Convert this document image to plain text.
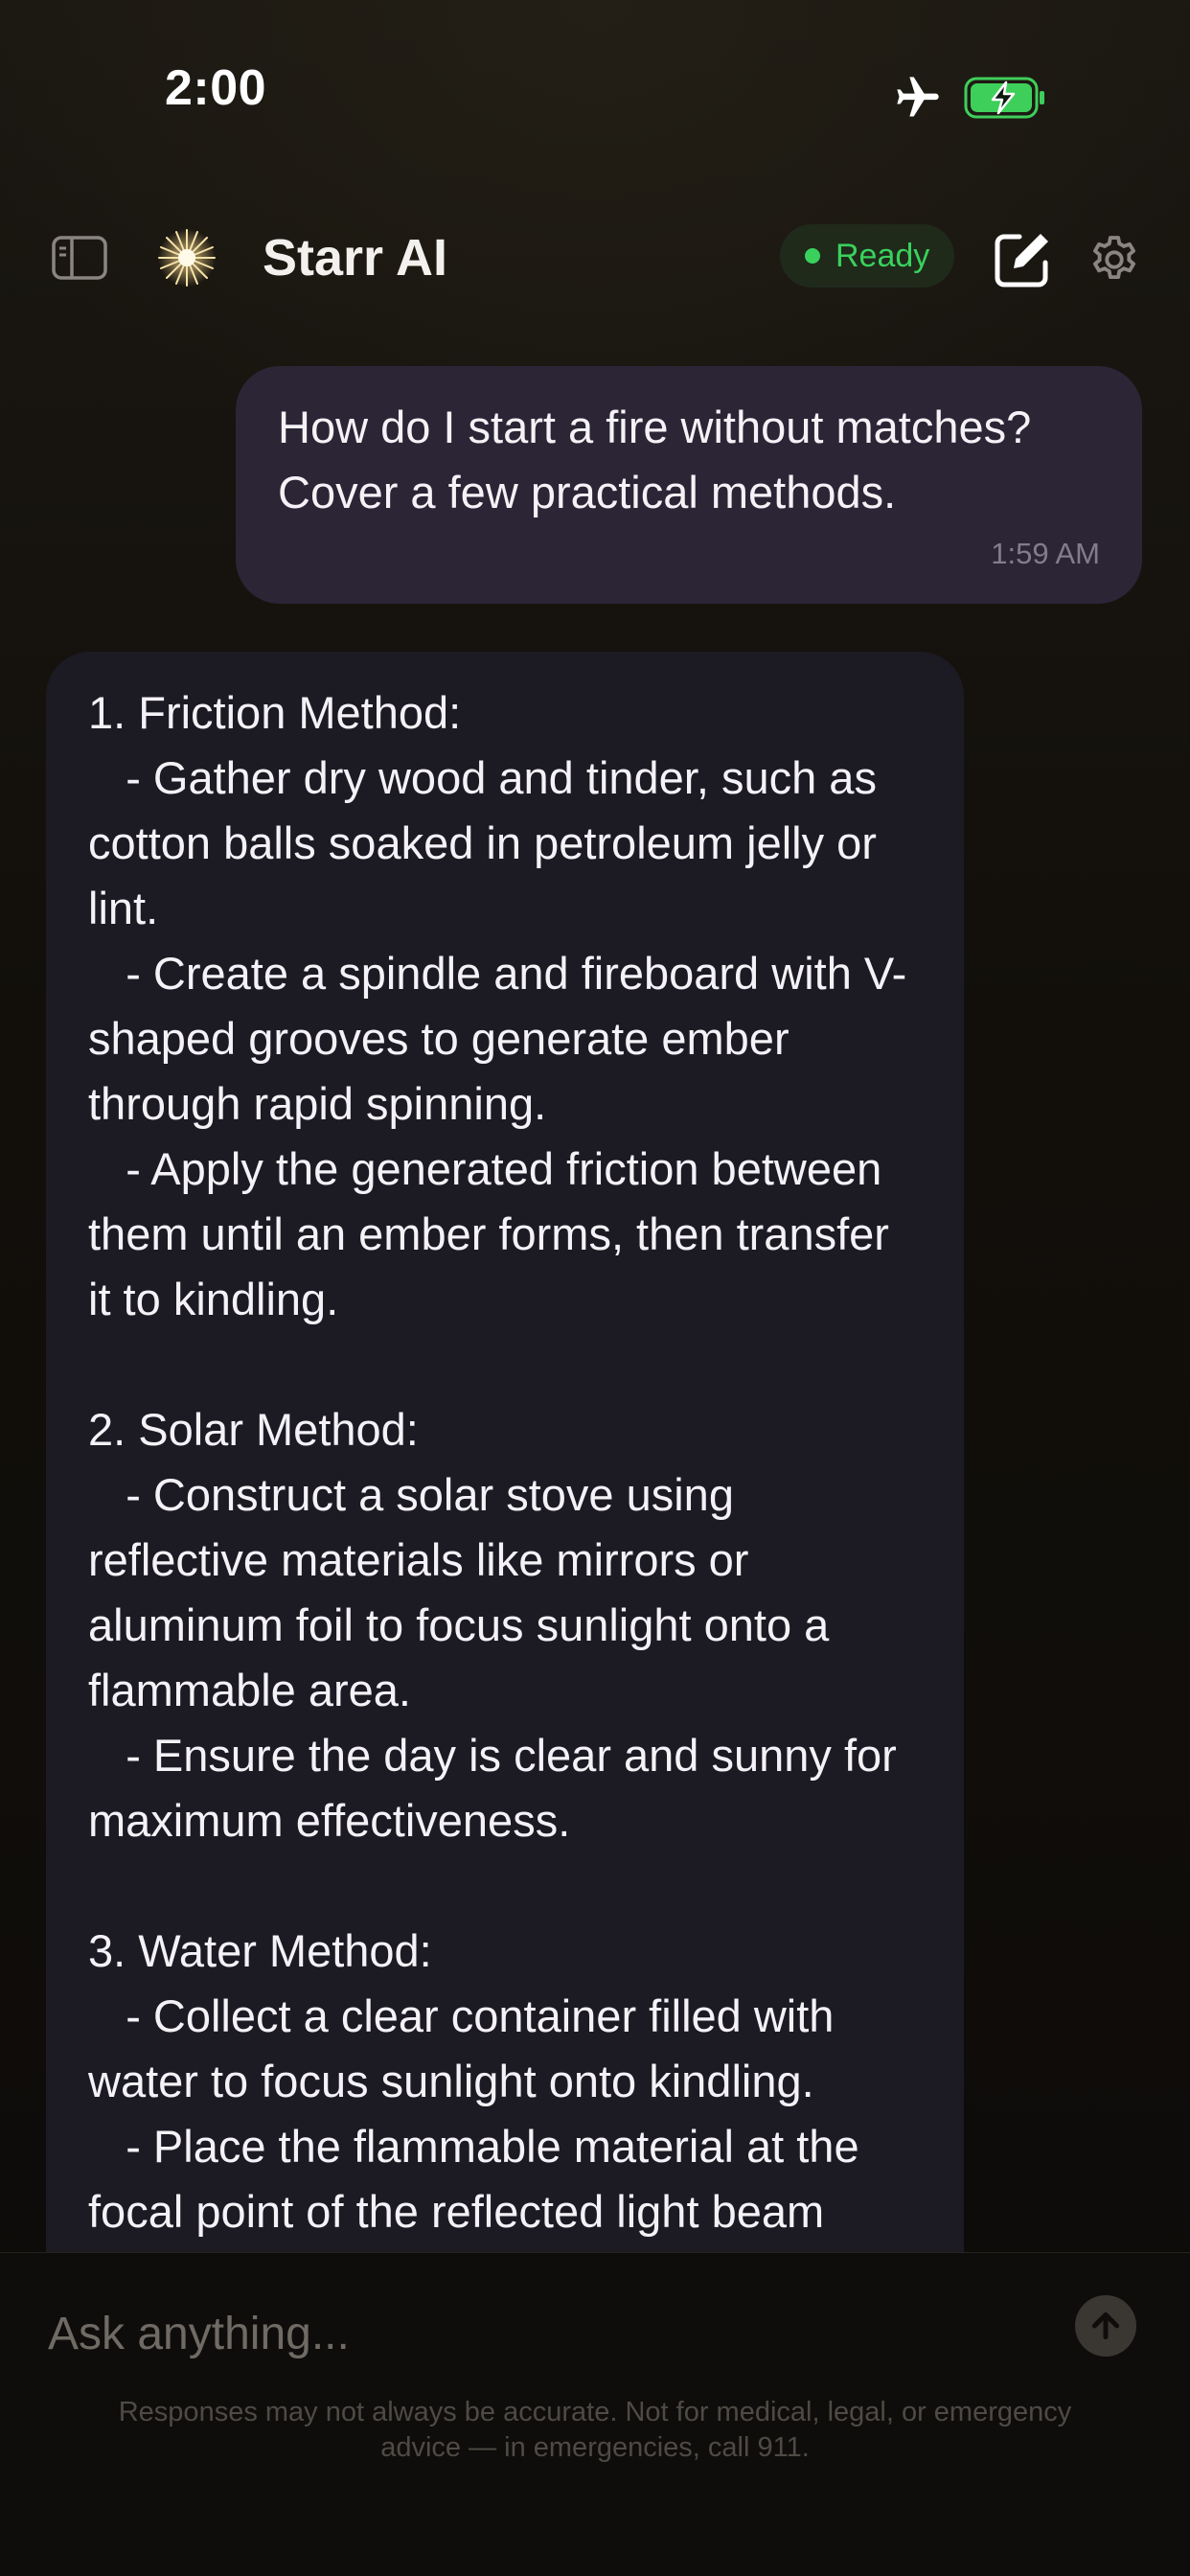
2:00
Starr AI	Ready
How do I start a fire without matches?
Cover a few practical methods.
1:59 AM
1. Friction Method:
- Gather dry wood and tinder, such as cotton balls soaked in petroleum jelly or lint.
- Create a spindle and fireboard with V-shaped grooves to generate ember through rapid spinning.
- Apply the generated friction between them until an ember forms, then transfer it to kindling.

2. Solar Method:
- Construct a solar stove using reflective materials like mirrors or aluminum foil to focus sunlight onto a flammable area.
- Ensure the day is clear and sunny for maximum effectiveness.

3. Water Method:
- Collect a clear container filled with water to focus sunlight onto kindling.
- Place the flammable material at the focal point of the reflected light beam
Ask anything...
Responses may not always be accurate. Not for medical, legal, or emergency advice — in emergencies, call 911.
